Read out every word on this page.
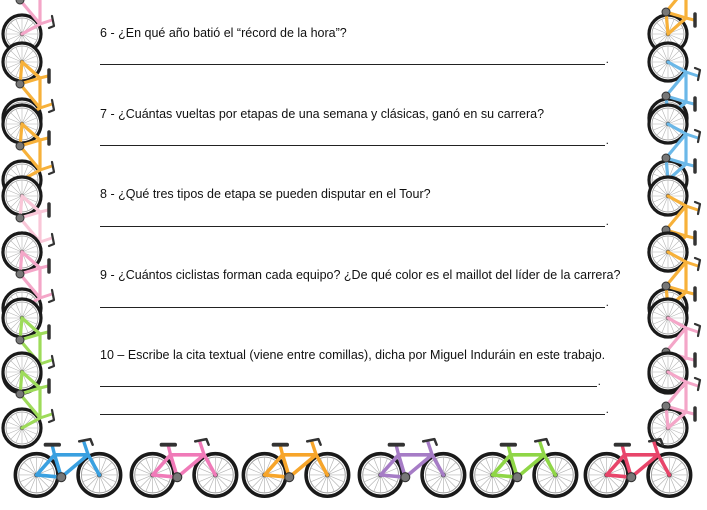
6 - ¿En qué año batió el “récord de la hora”?
.
7 - ¿Cuántas vueltas por etapas de una semana y clásicas, ganó en su carrera?
.
8 - ¿Qué tres tipos de etapa se pueden disputar en el Tour?
.
9 - ¿Cuántos ciclistas forman cada equipo? ¿De qué color es el maillot del líder de la carrera?
.
10 – Escribe la cita textual (viene entre comillas), dicha por Miguel Induráin en este trabajo.
.
.
